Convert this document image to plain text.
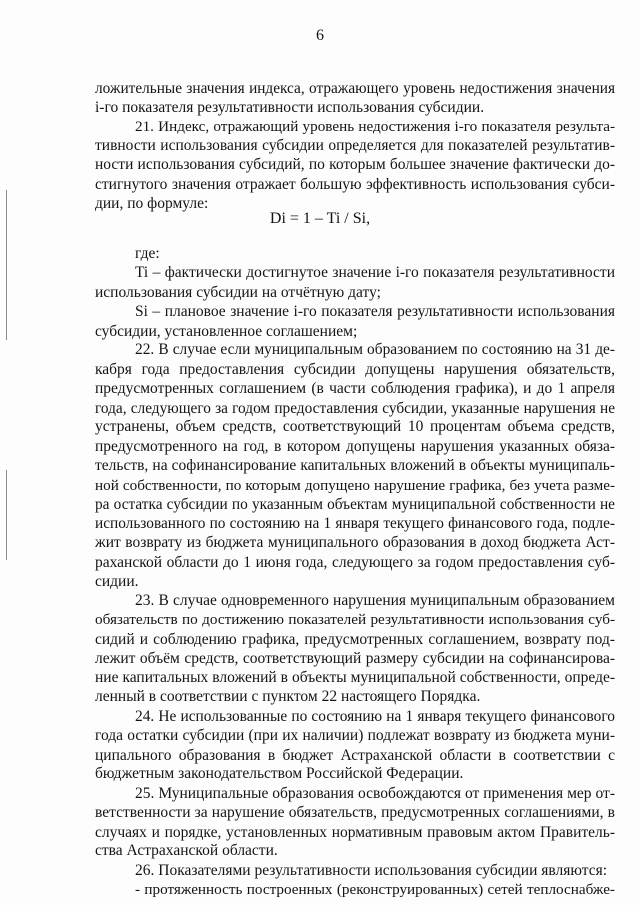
6

ложительные значения индекса, отражающего уровень недостижения значения

i-го показателя результативности использования субсидии.

21. Индекс, отражающий уровень недостижения i-го показателя результа-

тивности использования субсидии определяется для показателей результатив-

ности использования субсидий, по которым большее значение фактически до-

стигнутого значения отражает большую эффективность использования субси-

дии, по формуле:

Di = 1 – Ti / Si,

где:

Ti – фактически достигнутое значение i-го показателя результативности

использования субсидии на отчётную дату;

Si – плановое значение i-го показателя результативности использования

субсидии, установленное соглашением;

22. В случае если муниципальным образованием по состоянию на 31 де-

кабря года предоставления субсидии допущены нарушения обязательств,

предусмотренных соглашением (в части соблюдения графика), и до 1 апреля

года, следующего за годом предоставления субсидии, указанные нарушения не

устранены, объем средств, соответствующий 10 процентам объема средств,

предусмотренного на год, в котором допущены нарушения указанных обяза-

тельств, на софинансирование капитальных вложений в объекты муниципаль-

ной собственности, по которым допущено нарушение графика, без учета разме-

ра остатка субсидии по указанным объектам муниципальной собственности не

использованного по состоянию на 1 января текущего финансового года, подле-

жит возврату из бюджета муниципального образования в доход бюджета Аст-

раханской области до 1 июня года, следующего за годом предоставления суб-

сидии.

23. В случае одновременного нарушения муниципальным образованием

обязательств по достижению показателей результативности использования суб-

сидий и соблюдению графика, предусмотренных соглашением, возврату под-

лежит объём средств, соответствующий размеру субсидии на софинансирова-

ние капитальных вложений в объекты муниципальной собственности, опреде-

ленный в соответствии с пунктом 22 настоящего Порядка.

24. Не использованные по состоянию на 1 января текущего финансового

года остатки субсидии (при их наличии) подлежат возврату из бюджета муни-

ципального образования в бюджет Астраханской области в соответствии с

бюджетным законодательством Российской Федерации.

25. Муниципальные образования освобождаются от применения мер от-

ветственности за нарушение обязательств, предусмотренных соглашениями, в

случаях и порядке, установленных нормативным правовым актом Правитель-

ства Астраханской области.

26. Показателями результативности использования субсидии являются:

- протяженность построенных (реконструированных) сетей теплоснабже-
